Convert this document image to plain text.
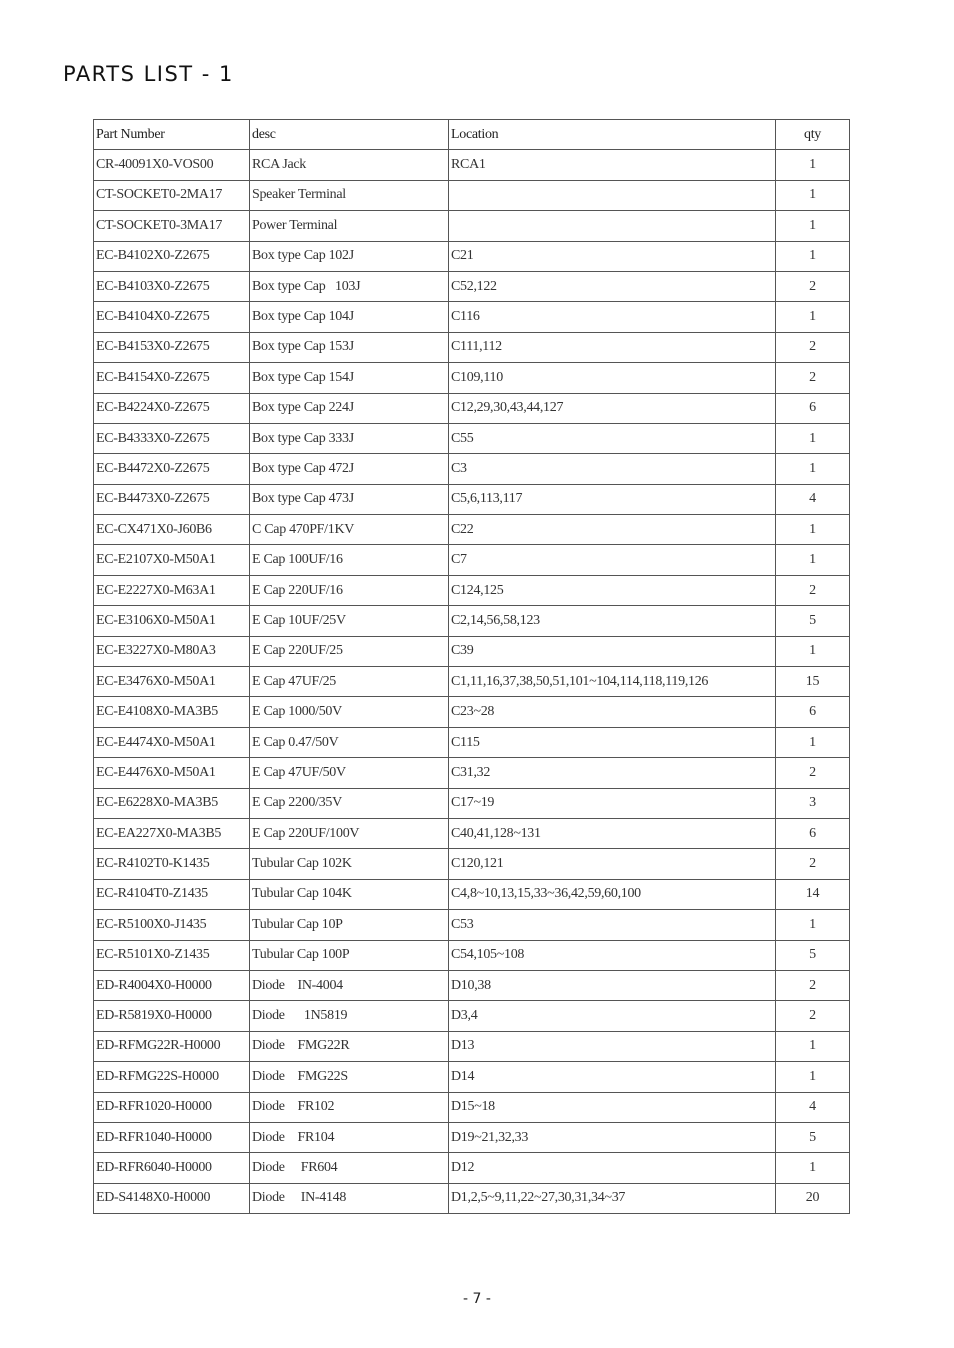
PARTS LIST - 1
Part Number	desc	Location	qty
CR-40091X0-VOS00	RCA Jack	RCA1	1
CT-SOCKET0-2MA17	Speaker Terminal		1
CT-SOCKET0-3MA17	Power Terminal		1
EC-B4102X0-Z2675	Box type Cap 102J	C21	1
EC-B4103X0-Z2675	Box type Cap   103J	C52,122	2
EC-B4104X0-Z2675	Box type Cap 104J	C116	1
EC-B4153X0-Z2675	Box type Cap 153J	C111,112	2
EC-B4154X0-Z2675	Box type Cap 154J	C109,110	2
EC-B4224X0-Z2675	Box type Cap 224J	C12,29,30,43,44,127	6
EC-B4333X0-Z2675	Box type Cap 333J	C55	1
EC-B4472X0-Z2675	Box type Cap 472J	C3	1
EC-B4473X0-Z2675	Box type Cap 473J	C5,6,113,117	4
EC-CX471X0-J60B6	C Cap 470PF/1KV	C22	1
EC-E2107X0-M50A1	E Cap 100UF/16	C7	1
EC-E2227X0-M63A1	E Cap 220UF/16	C124,125	2
EC-E3106X0-M50A1	E Cap 10UF/25V	C2,14,56,58,123	5
EC-E3227X0-M80A3	E Cap 220UF/25	C39	1
EC-E3476X0-M50A1	E Cap 47UF/25	C1,11,16,37,38,50,51,101~104,114,118,119,126	15
EC-E4108X0-MA3B5	E Cap 1000/50V	C23~28	6
EC-E4474X0-M50A1	E Cap 0.47/50V	C115	1
EC-E4476X0-M50A1	E Cap 47UF/50V	C31,32	2
EC-E6228X0-MA3B5	E Cap 2200/35V	C17~19	3
EC-EA227X0-MA3B5	E Cap 220UF/100V	C40,41,128~131	6
EC-R4102T0-K1435	Tubular Cap 102K	C120,121	2
EC-R4104T0-Z1435	Tubular Cap 104K	C4,8~10,13,15,33~36,42,59,60,100	14
EC-R5100X0-J1435	Tubular Cap 10P	C53	1
EC-R5101X0-Z1435	Tubular Cap 100P	C54,105~108	5
ED-R4004X0-H0000	Diode    IN-4004	D10,38	2
ED-R5819X0-H0000	Diode      1N5819	D3,4	2
ED-RFMG22R-H0000	Diode    FMG22R	D13	1
ED-RFMG22S-H0000	Diode    FMG22S	D14	1
ED-RFR1020-H0000	Diode    FR102	D15~18	4
ED-RFR1040-H0000	Diode    FR104	D19~21,32,33	5
ED-RFR6040-H0000	Diode     FR604	D12	1
ED-S4148X0-H0000	Diode     IN-4148	D1,2,5~9,11,22~27,30,31,34~37	20
- 7 -
